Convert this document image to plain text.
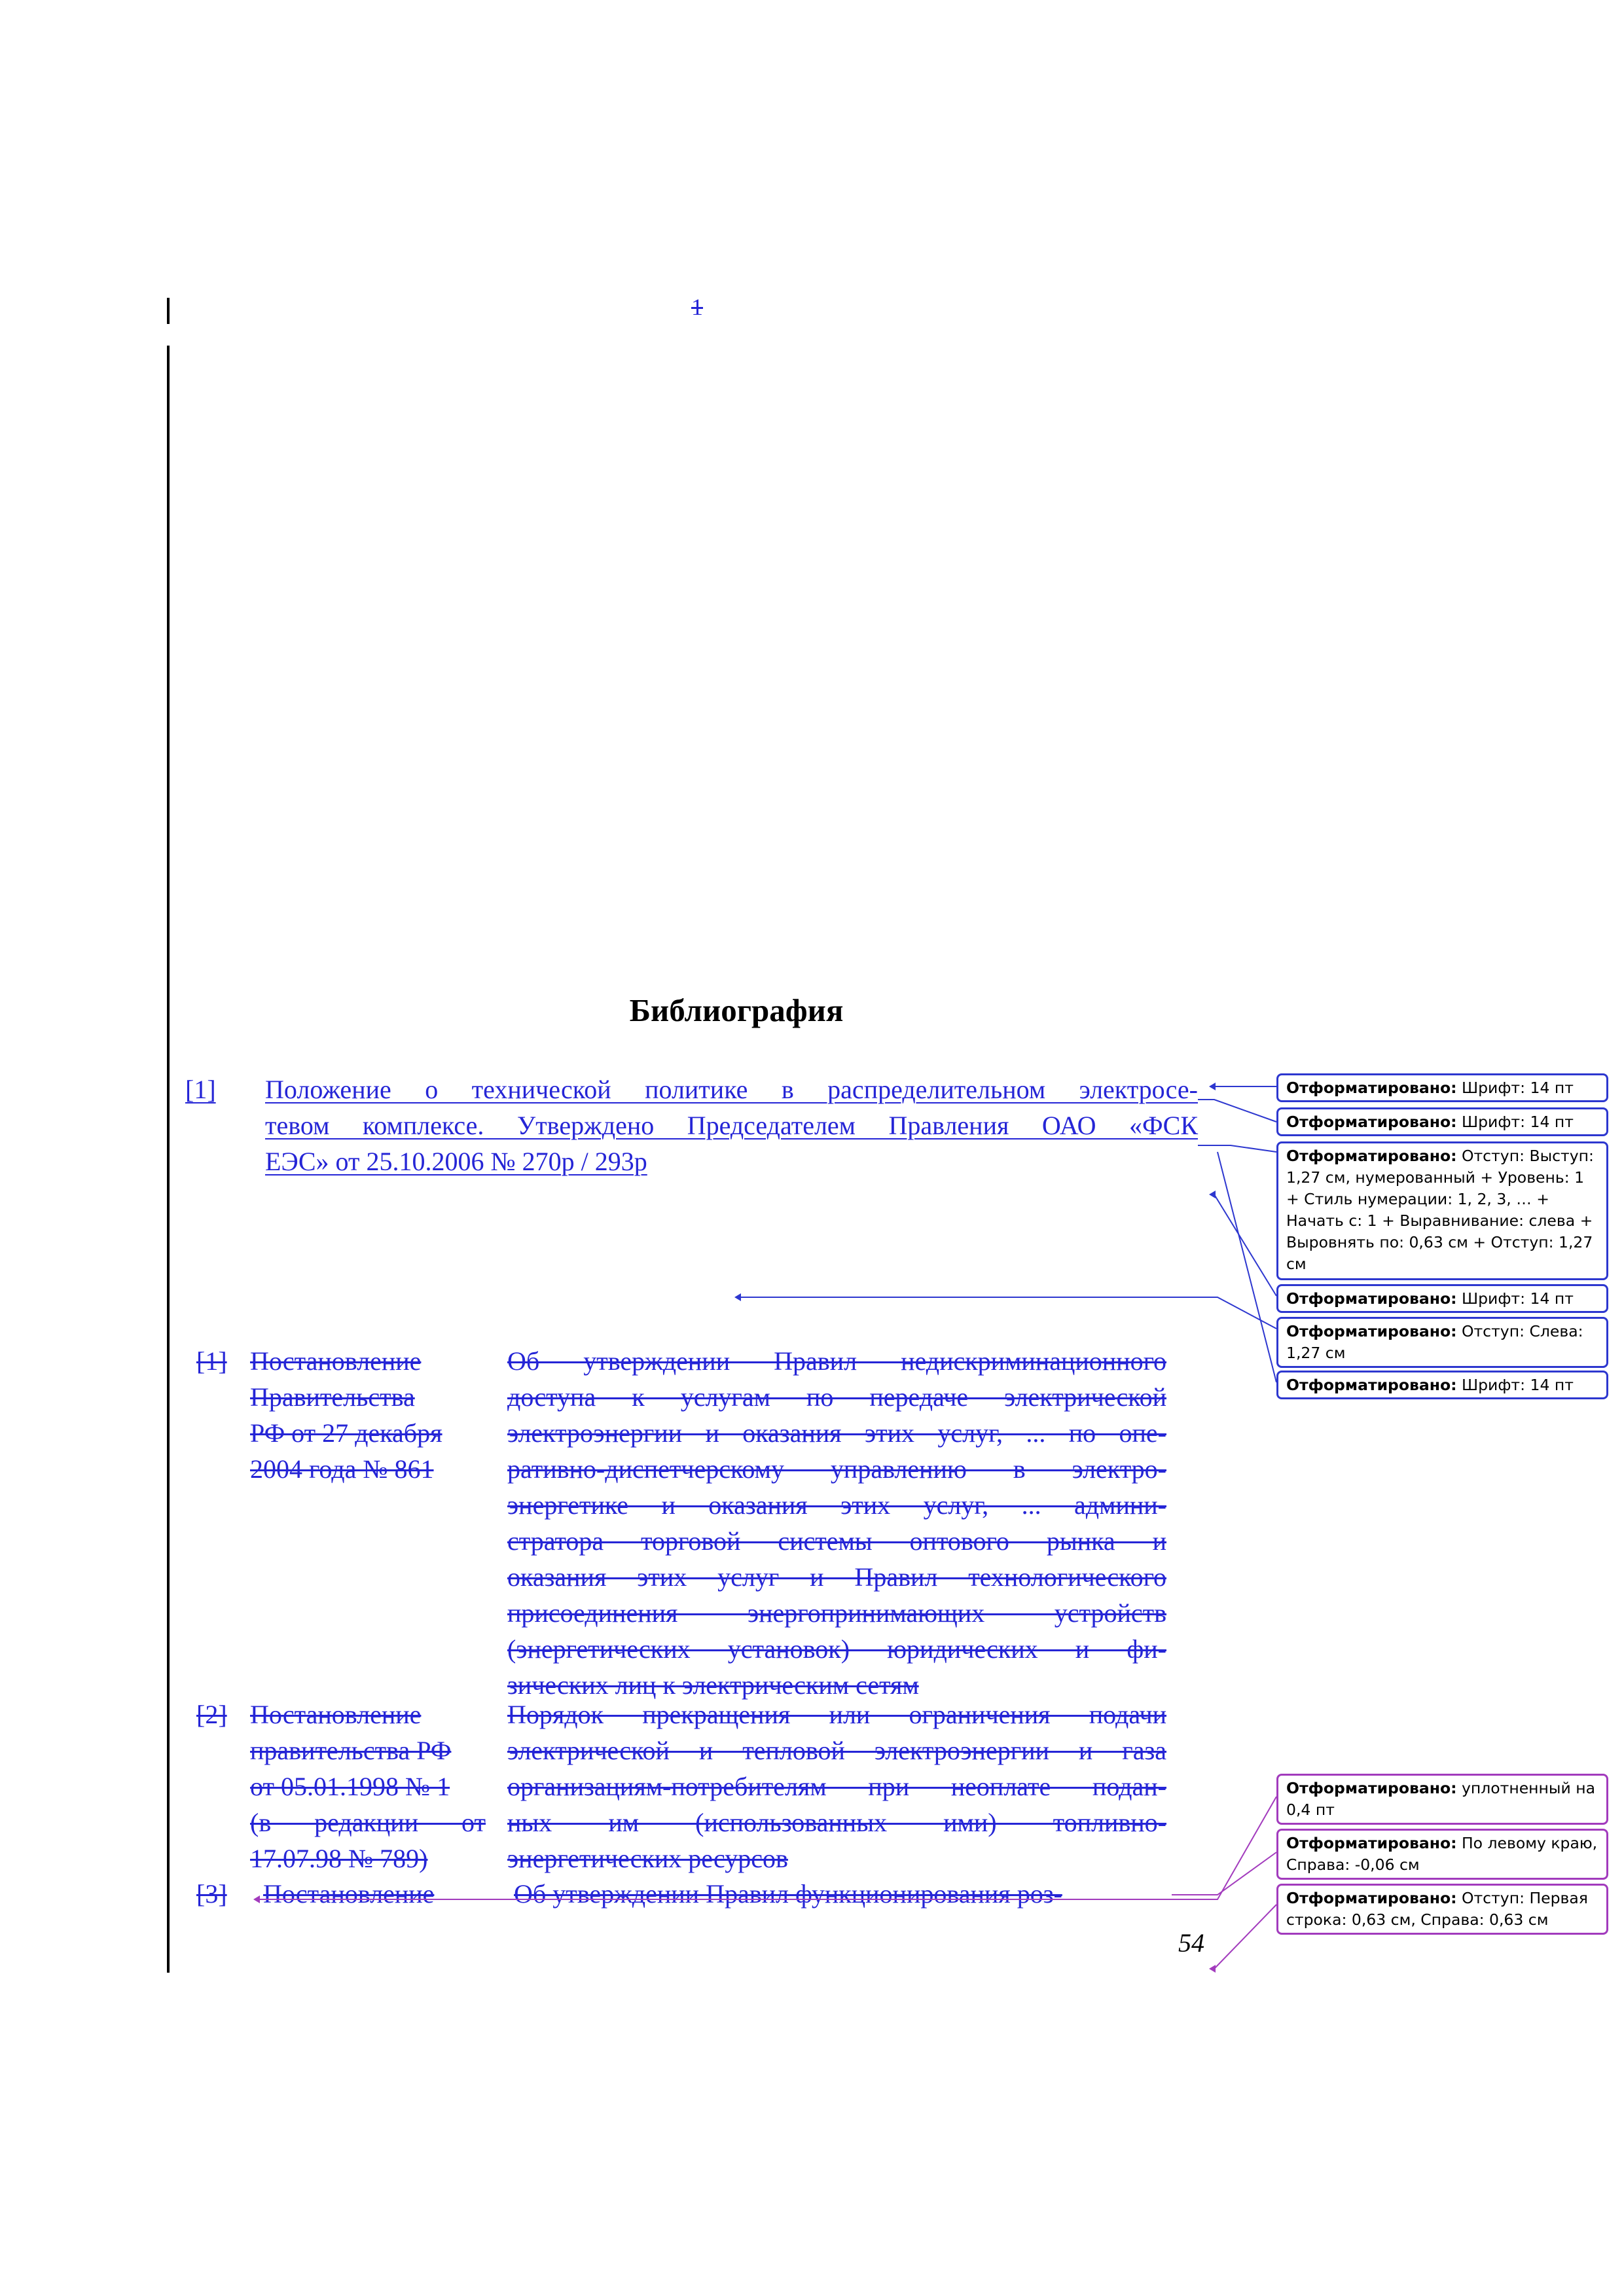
1
Библиография
[1] Положение о технической политике в распределительном электросе-
тевом комплексе. Утверждено Председателем Правления ОАО «ФСК
ЕЭС» от 25.10.2006 № 270р / 293р
[1] Постановление
Правительства
РФ от 27 декабря
2004 года № 861
Об утверждении Правил недискриминационного
доступа к услугам по передаче электрической
электроэнергии и оказания этих услуг, ... по опе-
ративно-диспетчерскому управлению в электро-
энергетике и оказания этих услуг, ... админи-
стратора торговой системы оптового рынка и
оказания этих услуг и Правил технологического
присоединения энергопринимающих устройств
(энергетических установок) юридических и фи-
зических лиц к электрическим сетям
[2] Постановление
правительства РФ
от 05.01.1998 № 1
(в редакции от
17.07.98 № 789)
Порядок прекращения или ограничения подачи
электрической и тепловой электроэнергии и газа
организациям-потребителям при неоплате подан-
ных им (использованных ими) топливно-
энергетических ресурсов
[3] Постановление	Об утверждении Правил функционирования роз-
54
Отформатировано: Шрифт: 14 пт
Отформатировано: Шрифт: 14 пт
Отформатировано: Отступ: Выступ: 1,27 см, нумерованный + Уровень: 1 + Стиль нумерации: 1, 2, 3, … + Начать с: 1 + Выравнивание: слева + Выровнять по: 0,63 см + Отступ: 1,27 см
Отформатировано: Шрифт: 14 пт
Отформатировано: Отступ: Слева: 1,27 см
Отформатировано: Шрифт: 14 пт
Отформатировано: уплотненный на 0,4 пт
Отформатировано: По левому краю, Справа: -0,06 см
Отформатировано: Отступ: Первая строка: 0,63 см, Справа: 0,63 см
